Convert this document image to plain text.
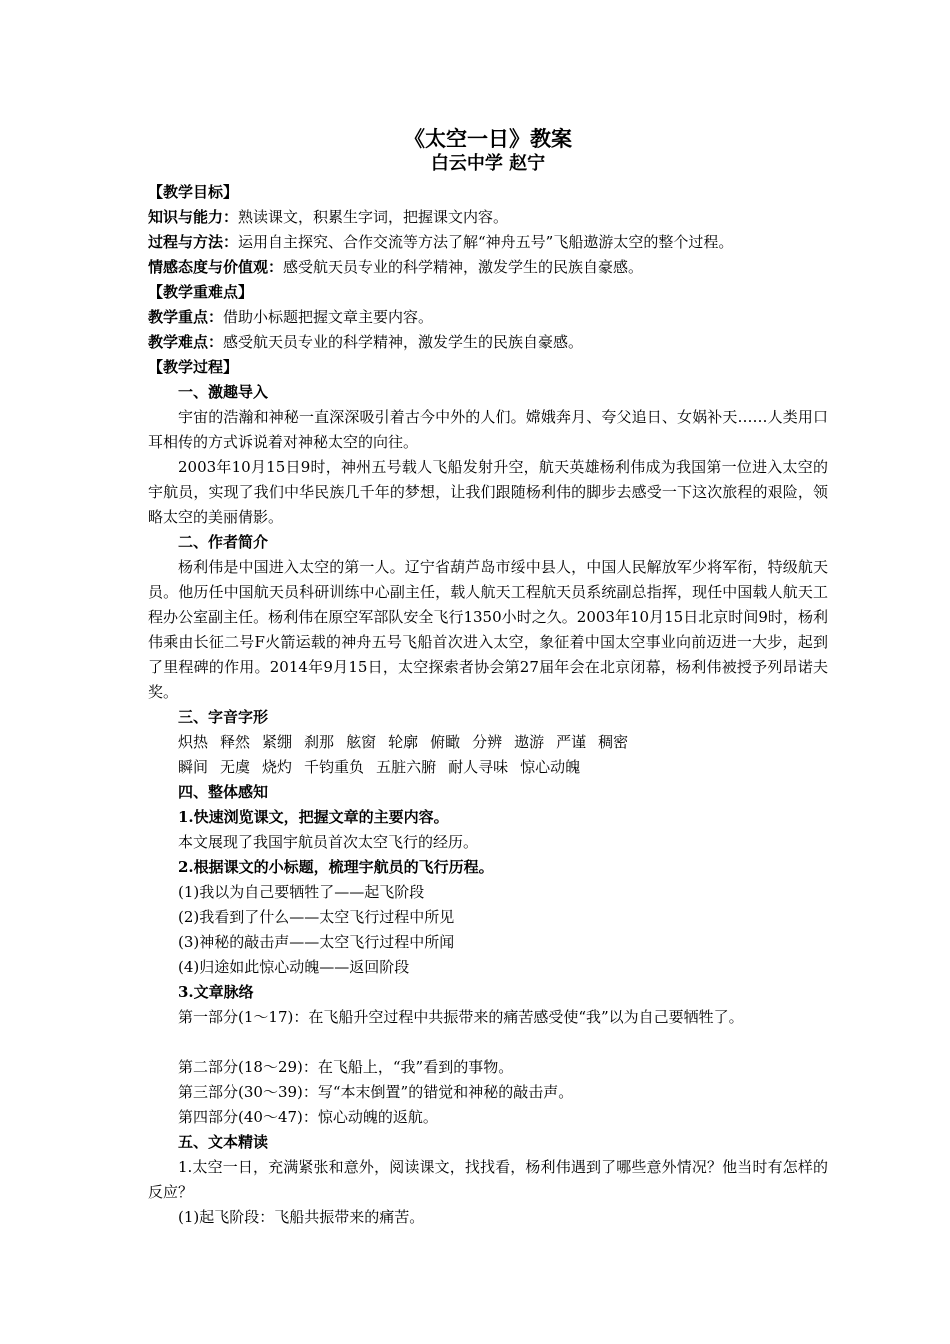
《太空一日》教案

白云中学 赵宁

【教学目标】

知识与能力：熟读课文，积累生字词，把握课文内容。

过程与方法：运用自主探究、合作交流等方法了解“神舟五号”飞船遨游太空的整个过程。

情感态度与价值观：感受航天员专业的科学精神，激发学生的民族自豪感。

【教学重难点】

教学重点：借助小标题把握文章主要内容。

教学难点：感受航天员专业的科学精神，激发学生的民族自豪感。

【教学过程】

一、激趣导入

宇宙的浩瀚和神秘一直深深吸引着古今中外的人们。嫦娥奔月、夸父追日、女娲补天……人类用口耳相传的方式诉说着对神秘太空的向往。

2003年10月15日9时，神州五号载人飞船发射升空，航天英雄杨利伟成为我国第一位进入太空的宇航员，实现了我们中华民族几千年的梦想，让我们跟随杨利伟的脚步去感受一下这次旅程的艰险，领略太空的美丽倩影。

二、作者简介

杨利伟是中国进入太空的第一人。辽宁省葫芦岛市绥中县人，中国人民解放军少将军衔，特级航天员。他历任中国航天员科研训练中心副主任，载人航天工程航天员系统副总指挥，现任中国载人航天工程办公室副主任。杨利伟在原空军部队安全飞行1350小时之久。2003年10月15日北京时间9时，杨利伟乘由长征二号F火箭运载的神舟五号飞船首次进入太空，象征着中国太空事业向前迈进一大步，起到了里程碑的作用。2014年9月15日，太空探索者协会第27届年会在北京闭幕，杨利伟被授予列昂诺夫奖。

三、字音字形

炽热 释然 紧绷 刹那 舷窗 轮廓 俯瞰 分辨 遨游 严谨 稠密

瞬间 无虞 烧灼 千钧重负 五脏六腑 耐人寻味 惊心动魄

四、整体感知

1.快速浏览课文，把握文章的主要内容。

本文展现了我国宇航员首次太空飞行的经历。

2.根据课文的小标题，梳理宇航员的飞行历程。

(1)我以为自己要牺牲了——起飞阶段

(2)我看到了什么——太空飞行过程中所见

(3)神秘的敲击声——太空飞行过程中所闻

(4)归途如此惊心动魄——返回阶段

3.文章脉络

第一部分(1～17)：在飞船升空过程中共振带来的痛苦感受使“我”以为自己要牺牲了。

第二部分(18～29)：在飞船上，“我”看到的事物。

第三部分(30～39)：写“本末倒置”的错觉和神秘的敲击声。

第四部分(40～47)：惊心动魄的返航。

五、文本精读

1.太空一日，充满紧张和意外，阅读课文，找找看，杨利伟遇到了哪些意外情况？他当时有怎样的反应？

(1)起飞阶段：飞船共振带来的痛苦。
